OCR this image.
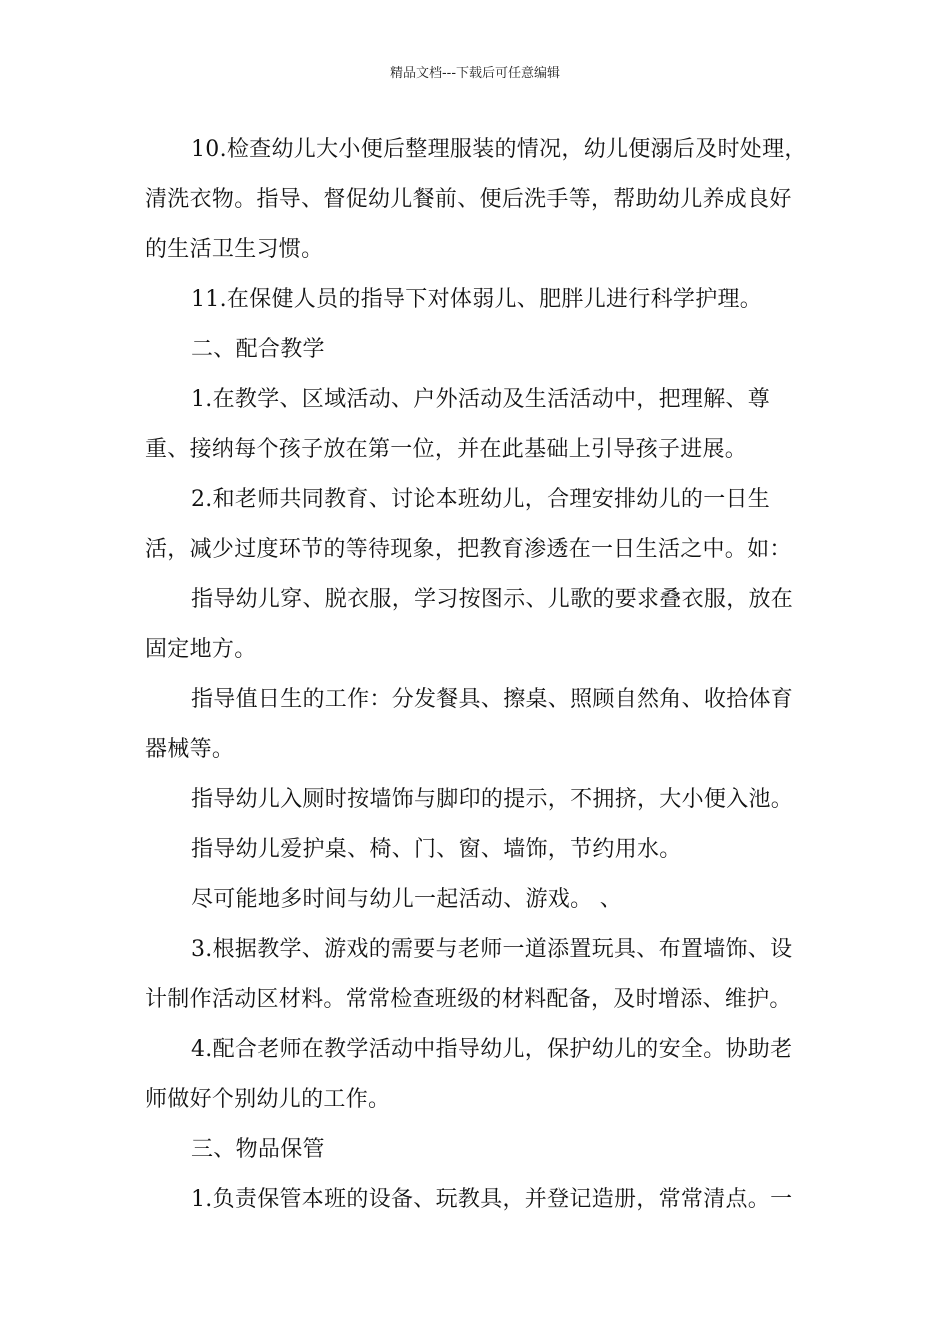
精品文档---下载后可任意编辑

10.检查幼儿大小便后整理服装的情况，幼儿便溺后及时处理，清洗衣物。指导、督促幼儿餐前、便后洗手等，帮助幼儿养成良好的生活卫生习惯。

11.在保健人员的指导下对体弱儿、肥胖儿进行科学护理。

二、配合教学

1.在教学、区域活动、户外活动及生活活动中，把理解、尊重、接纳每个孩子放在第一位，并在此基础上引导孩子进展。

2.和老师共同教育、讨论本班幼儿，合理安排幼儿的一日生活，减少过度环节的等待现象，把教育渗透在一日生活之中。如：

指导幼儿穿、脱衣服，学习按图示、儿歌的要求叠衣服，放在固定地方。

指导值日生的工作：分发餐具、擦桌、照顾自然角、收拾体育器械等。

指导幼儿入厕时按墙饰与脚印的提示，不拥挤，大小便入池。

指导幼儿爱护桌、椅、门、窗、墙饰，节约用水。

尽可能地多时间与幼儿一起活动、游戏。 、

3.根据教学、游戏的需要与老师一道添置玩具、布置墙饰、设计制作活动区材料。常常检查班级的材料配备，及时增添、维护。

4.配合老师在教学活动中指导幼儿，保护幼儿的安全。协助老师做好个别幼儿的工作。

三、物品保管

1.负责保管本班的设备、玩教具，并登记造册，常常清点。一
